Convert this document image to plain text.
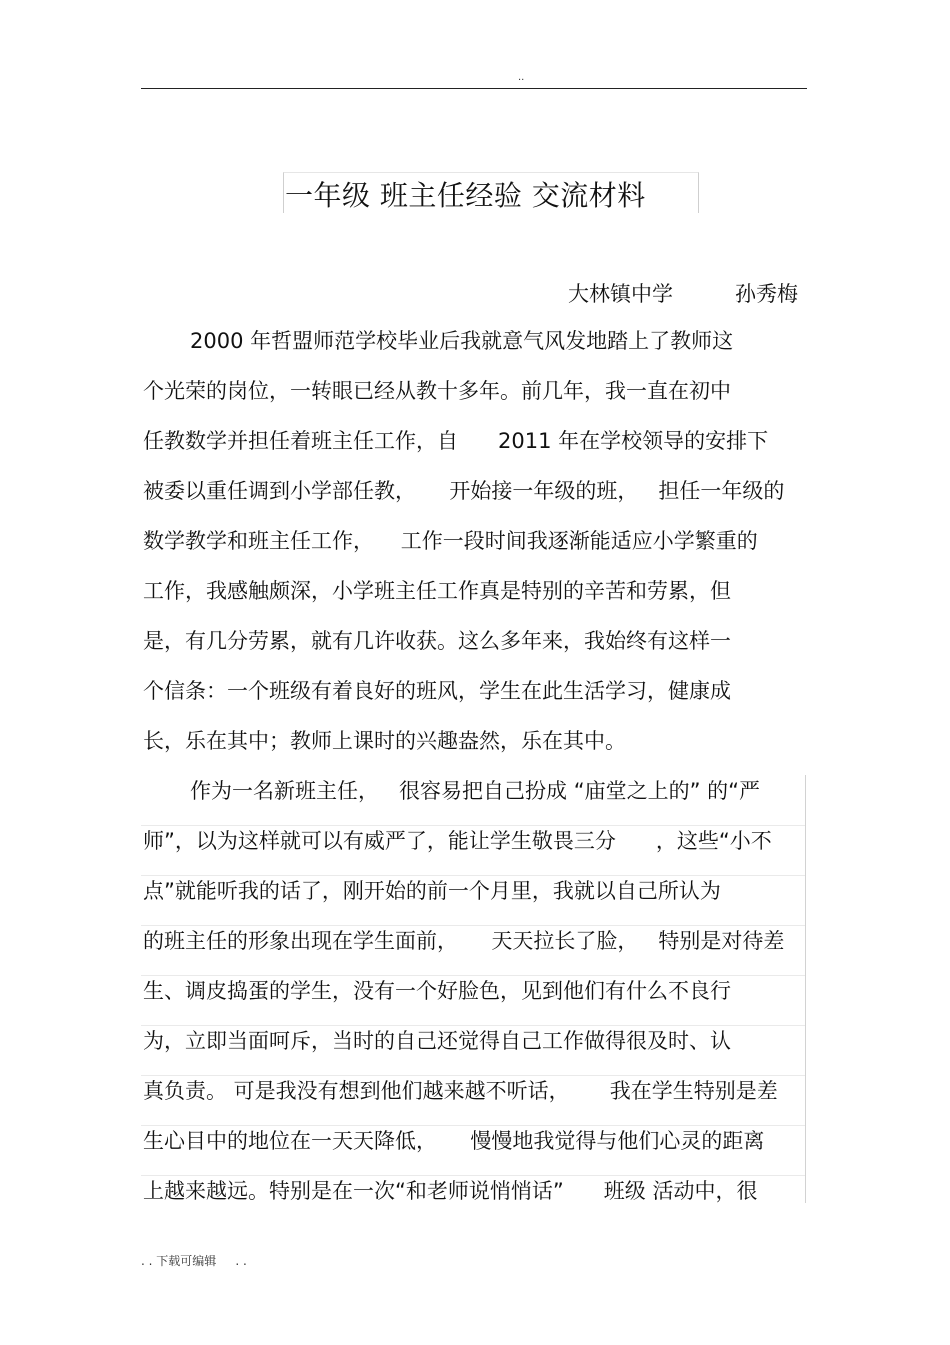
..
一年级 班主任经验 交流材料
大林镇中学	孙秀梅
2000 年哲盟师范学校毕业后我就意气风发地踏上了教师这
个光荣的岗位，一转眼已经从教十多年。前几年，我一直在初中
任教数学并担任着班主任工作，自      2011 年在学校领导的安排下
被委以重任调到小学部任教，     开始接一年级的班，   担任一年级的
数学教学和班主任工作，    工作一段时间我逐渐能适应小学繁重的
工作，我感触颇深，小学班主任工作真是特别的辛苦和劳累，但
是，有几分劳累，就有几许收获。这么多年来，我始终有这样一
个信条：一个班级有着良好的班风，学生在此生活学习，健康成
长，乐在其中；教师上课时的兴趣盎然，乐在其中。
作为一名新班主任，   很容易把自己扮成 “庙堂之上的” 的“严
师”，以为这样就可以有威严了，能让学生敬畏三分      ，这些“小不
点”就能听我的话了，刚开始的前一个月里，我就以自己所认为
的班主任的形象出现在学生面前，     天天拉长了脸，   特别是对待差
生、调皮捣蛋的学生，没有一个好脸色，见到他们有什么不良行
为，立即当面呵斥，当时的自己还觉得自己工作做得很及时、认
真负责。 可是我没有想到他们越来越不听话，      我在学生特别是差
生心目中的地位在一天天降低，     慢慢地我觉得与他们心灵的距离
上越来越远。特别是在一次“和老师说悄悄话”      班级 活动中，很
. . 下载可编辑     . .
